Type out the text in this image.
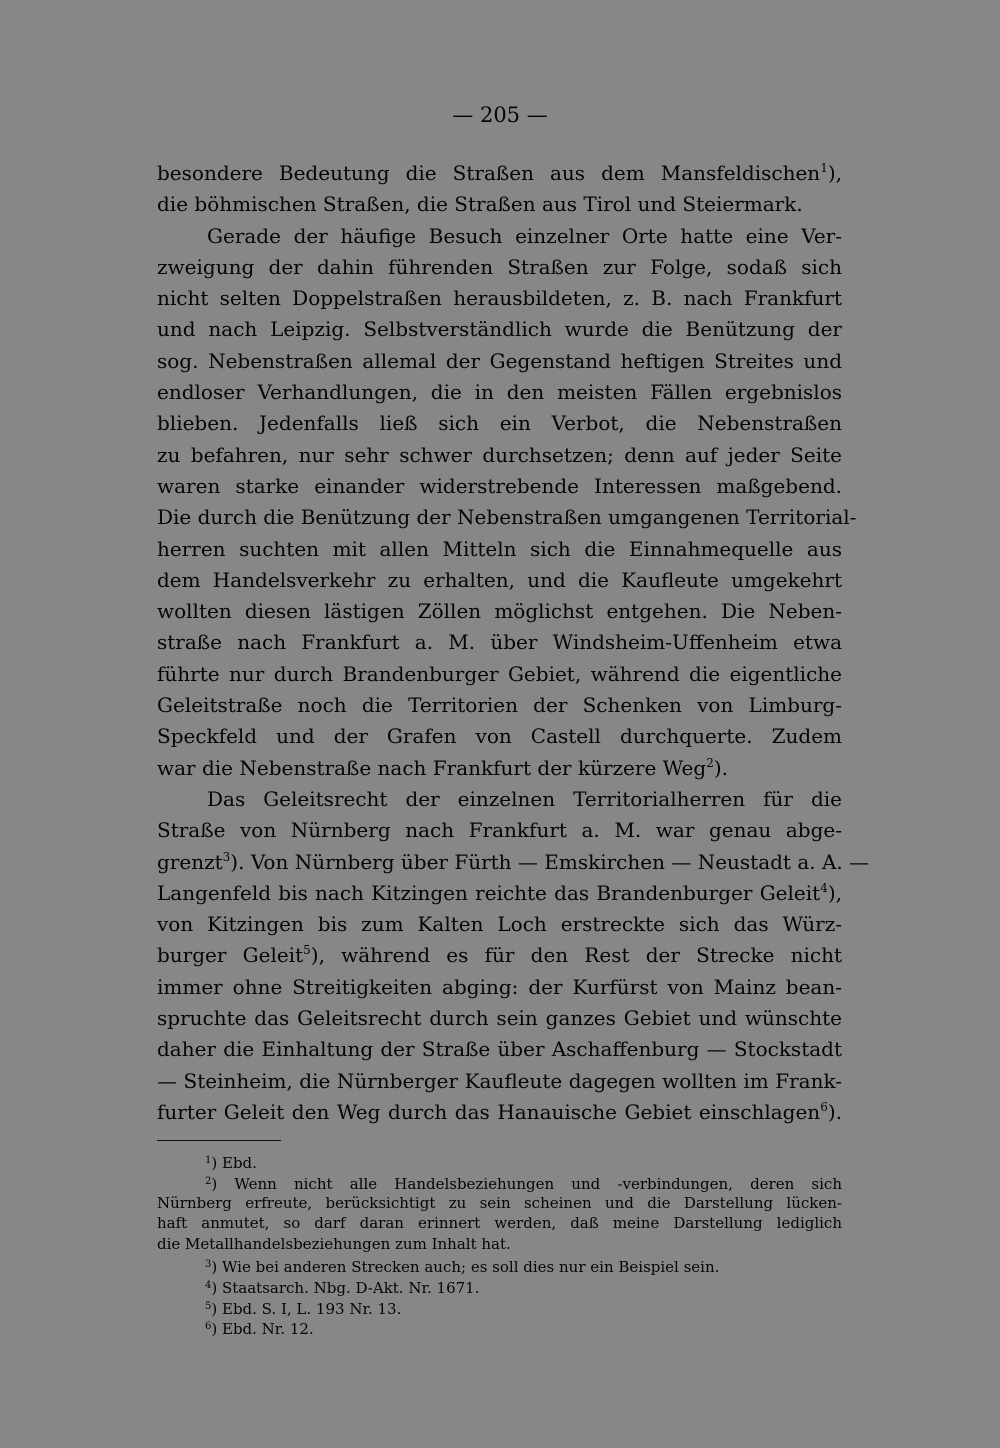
— 205 —
besondere Bedeutung die Straßen aus dem Mansfeldischen$^1$),
die böhmischen Straßen, die Straßen aus Tirol und Steiermark.
Gerade der häufige Besuch einzelner Orte hatte eine Ver-
zweigung der dahin führenden Straßen zur Folge, sodaß sich
nicht selten Doppelstraßen herausbildeten, z. B. nach Frankfurt
und nach Leipzig. Selbstverständlich wurde die Benützung der
sog. Nebenstraßen allemal der Gegenstand heftigen Streites und
endloser Verhandlungen, die in den meisten Fällen ergebnislos
blieben. Jedenfalls ließ sich ein Verbot, die Nebenstraßen
zu befahren, nur sehr schwer durchsetzen; denn auf jeder Seite
waren starke einander widerstrebende Interessen maßgebend.
Die durch die Benützung der Nebenstraßen umgangenen Territorial-
herren suchten mit allen Mitteln sich die Einnahmequelle aus
dem Handelsverkehr zu erhalten, und die Kaufleute umgekehrt
wollten diesen lästigen Zöllen möglichst entgehen. Die Neben-
straße nach Frankfurt a. M. über Windsheim-Uffenheim etwa
führte nur durch Brandenburger Gebiet, während die eigentliche
Geleitstraße noch die Territorien der Schenken von Limburg-
Speckfeld und der Grafen von Castell durchquerte. Zudem
war die Nebenstraße nach Frankfurt der kürzere Weg$^2$).
Das Geleitsrecht der einzelnen Territorialherren für die
Straße von Nürnberg nach Frankfurt a. M. war genau abge-
grenzt$^3$). Von Nürnberg über Fürth — Emskirchen — Neustadt a. A. —
Langenfeld bis nach Kitzingen reichte das Brandenburger Geleit$^4$),
von Kitzingen bis zum Kalten Loch erstreckte sich das Würz-
burger Geleit$^5$), während es für den Rest der Strecke nicht
immer ohne Streitigkeiten abging: der Kurfürst von Mainz bean-
spruchte das Geleitsrecht durch sein ganzes Gebiet und wünschte
daher die Einhaltung der Straße über Aschaffenburg — Stockstadt
— Steinheim, die Nürnberger Kaufleute dagegen wollten im Frank-
furter Geleit den Weg durch das Hanauische Gebiet einschlagen$^6$).
$^1$) Ebd.
$^2$) Wenn nicht alle Handelsbeziehungen und -verbindungen, deren sich
Nürnberg erfreute, berücksichtigt zu sein scheinen und die Darstellung lücken-
haft anmutet, so darf daran erinnert werden, daß meine Darstellung lediglich
die Metallhandelsbeziehungen zum Inhalt hat.
$^3$) Wie bei anderen Strecken auch; es soll dies nur ein Beispiel sein.
$^4$) Staatsarch. Nbg. D-Akt. Nr. 1671.
$^5$) Ebd. S. I, L. 193 Nr. 13.
$^6$) Ebd. Nr. 12.
